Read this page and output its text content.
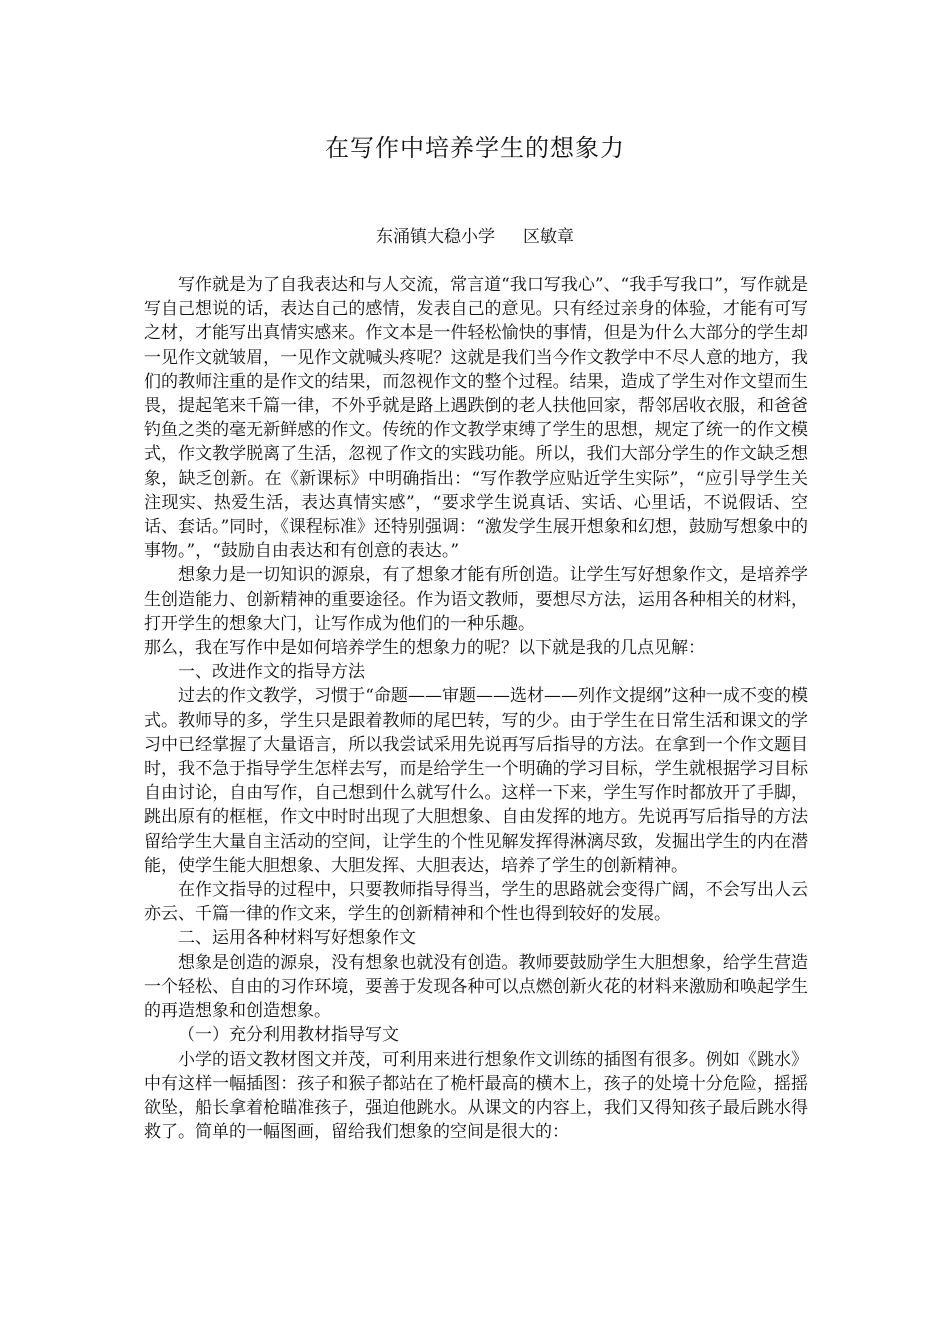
在写作中培养学生的想象力
东涌镇大稳小学 区敏章

写作就是为了自我表达和与人交流，常言道“我口写我心”、“我手写我口”，写作就是写自己想说的话，表达自己的感情，发表自己的意见。只有经过亲身的体验，才能有可写之材，才能写出真情实感来。作文本是一件轻松愉快的事情，但是为什么大部分的学生却一见作文就皱眉，一见作文就喊头疼呢？这就是我们当今作文教学中不尽人意的地方，我们的教师注重的是作文的结果，而忽视作文的整个过程。结果，造成了学生对作文望而生畏，提起笔来千篇一律，不外乎就是路上遇跌倒的老人扶他回家，帮邻居收衣服，和爸爸钓鱼之类的毫无新鲜感的作文。传统的作文教学束缚了学生的思想，规定了统一的作文模式，作文教学脱离了生活，忽视了作文的实践功能。所以，我们大部分学生的作文缺乏想象，缺乏创新。在《新课标》中明确指出：“写作教学应贴近学生实际”，“应引导学生关注现实、热爱生活，表达真情实感”，“要求学生说真话、实话、心里话，不说假话、空话、套话。”同时，《课程标准》还特别强调：“激发学生展开想象和幻想，鼓励写想象中的事物。”，“鼓励自由表达和有创意的表达。”

想象力是一切知识的源泉，有了想象才能有所创造。让学生写好想象作文，是培养学生创造能力、创新精神的重要途径。作为语文教师，要想尽方法，运用各种相关的材料，打开学生的想象大门，让写作成为他们的一种乐趣。

那么，我在写作中是如何培养学生的想象力的呢？以下就是我的几点见解：

一、改进作文的指导方法

过去的作文教学，习惯于“命题——审题——选材——列作文提纲”这种一成不变的模式。教师导的多，学生只是跟着教师的尾巴转，写的少。由于学生在日常生活和课文的学习中已经掌握了大量语言，所以我尝试采用先说再写后指导的方法。在拿到一个作文题目时，我不急于指导学生怎样去写，而是给学生一个明确的学习目标，学生就根据学习目标自由讨论，自由写作，自己想到什么就写什么。这样一下来，学生写作时都放开了手脚，跳出原有的框框，作文中时时出现了大胆想象、自由发挥的地方。先说再写后指导的方法留给学生大量自主活动的空间，让学生的个性见解发挥得淋漓尽致，发掘出学生的内在潜能，使学生能大胆想象、大胆发挥、大胆表达，培养了学生的创新精神。

在作文指导的过程中，只要教师指导得当，学生的思路就会变得广阔，不会写出人云亦云、千篇一律的作文来，学生的创新精神和个性也得到较好的发展。

二、运用各种材料写好想象作文

想象是创造的源泉，没有想象也就没有创造。教师要鼓励学生大胆想象，给学生营造一个轻松、自由的习作环境，要善于发现各种可以点燃创新火花的材料来激励和唤起学生的再造想象和创造想象。

（一）充分利用教材指导写文

小学的语文教材图文并茂，可利用来进行想象作文训练的插图有很多。例如《跳水》中有这样一幅插图：孩子和猴子都站在了桅杆最高的横木上，孩子的处境十分危险，摇摇欲坠，船长拿着枪瞄准孩子，强迫他跳水。从课文的内容上，我们又得知孩子最后跳水得救了。简单的一幅图画，留给我们想象的空间是很大的：
